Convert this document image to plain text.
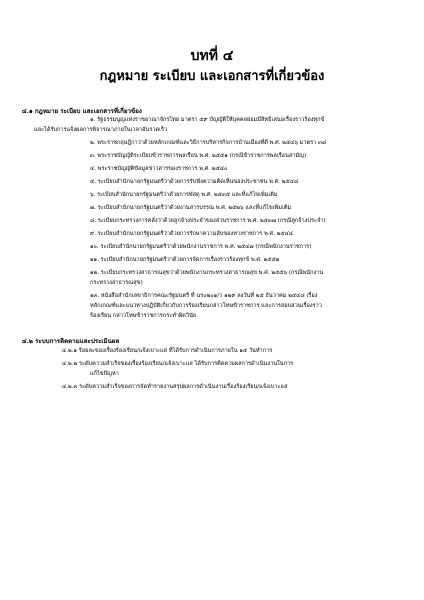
บทที่ ๔
กฎหมาย ระเบียบ และเอกสารที่เกี่ยวข้อง
๔.๑ กฎหมาย ระเบียบ และเอกสารที่เกี่ยวข้อง
๑. รัฐธรรมนูญแห่งราชอาณาจักรไทย มาตรา ๕๙ บัญญัติให้บุคคลย่อมมีสิทธิเสนอเรื่องราวร้องทุกข์
และได้รับการแจ้งผลการพิจารณาภายในเวลาอันรวดเร็ว
๒. พระราชกฤษฎีกาว่าด้วยหลักเกณฑ์และวิธีการบริหารกิจการบ้านเมืองที่ดี พ.ศ. ๒๕๔๖ มาตรา ๓๘
๓. พระราชบัญญัติระเบียบข้าราชการพลเรือน พ.ศ. ๒๕๕๑ (กรณีข้าราชการพลเรือนสามัญ)
๔. พระราชบัญญัติข้อมูลข่าวสารของราชการ พ.ศ. ๒๕๔๐
๕. ระเบียบสำนักนายกรัฐมนตรีว่าด้วยการรับฟังความคิดเห็นของประชาชน พ.ศ. ๒๕๔๘
๖. ระเบียบสำนักนายกรัฐมนตรีว่าด้วยการพัสดุ พ.ศ. ๒๕๓๕ และที่แก้ไขเพิ่มเติม
๗. ระเบียบสำนักนายกรัฐมนตรีว่าด้วยงานสารบรรณ พ.ศ. ๒๕๒๖ และที่แก้ไขเพิ่มเติม
๘. ระเบียบกระทรวงการคลังว่าด้วยลูกจ้างประจำของส่วนราชการ พ.ศ. ๒๕๓๗ (กรณีลูกจ้างประจำ)
๙. ระเบียบสำนักนายกรัฐมนตรีว่าด้วยการรักษาความลับของทางราชการ พ.ศ. ๒๕๔๔
๑๐. ระเบียบสำนักนายกรัฐมนตรีว่าด้วยพนักงานราชการ พ.ศ. ๒๕๔๗ (กรณีพนักงานราชการ)
๑๑. ระเบียบสำนักนายกรัฐมนตรีว่าด้วยการจัดการเรื่องราวร้องทุกข์ พ.ศ. ๒๕๕๒
๑๒. ระเบียบกระทรวงสาธารณสุขว่าด้วยพนักงานกระทรวงสาธารณสุข พ.ศ. ๒๕๕๖ (กรณีพนักงาน
กระทรวงสาธารณสุข)
๑๓. หนังสือสำนักเลขาธิการคณะรัฐมนตรี ที่ นร๐๒๐๑/ว ๑๒๙ ลงวันที่ ๒๕ ธันวาคม ๒๕๔๘ เรื่อง
หลักเกณฑ์และแนวทางปฏิบัติเกี่ยวกับการร้องเรียนกล่าวโทษข้าราชการ และการสอบสวนเรื่องราว
ร้องเรียน กล่าวโทษข้าราชการกระทำผิดวินัย
๔.๒ ระบบการติดตามและประเมินผล
๔.๒.๑ ร้อยละของเรื่องร้องเรียน/แจ้งเบาะแส ที่ได้รับการดำเนินการภายใน ๑๕ วันทำการ
๔.๒.๒ ระดับความสำเร็จของเรื่องร้องเรียน/แจ้งเบาะแส ได้รับการติดตามผลการดำเนินงานในการ
แก้ไขปัญหา
๔.๒.๓ ระดับความสำเร็จของการจัดทำรายงานสรุปผลการดำเนินงานเรื่องร้องเรียน/แจ้งเบาะแส
